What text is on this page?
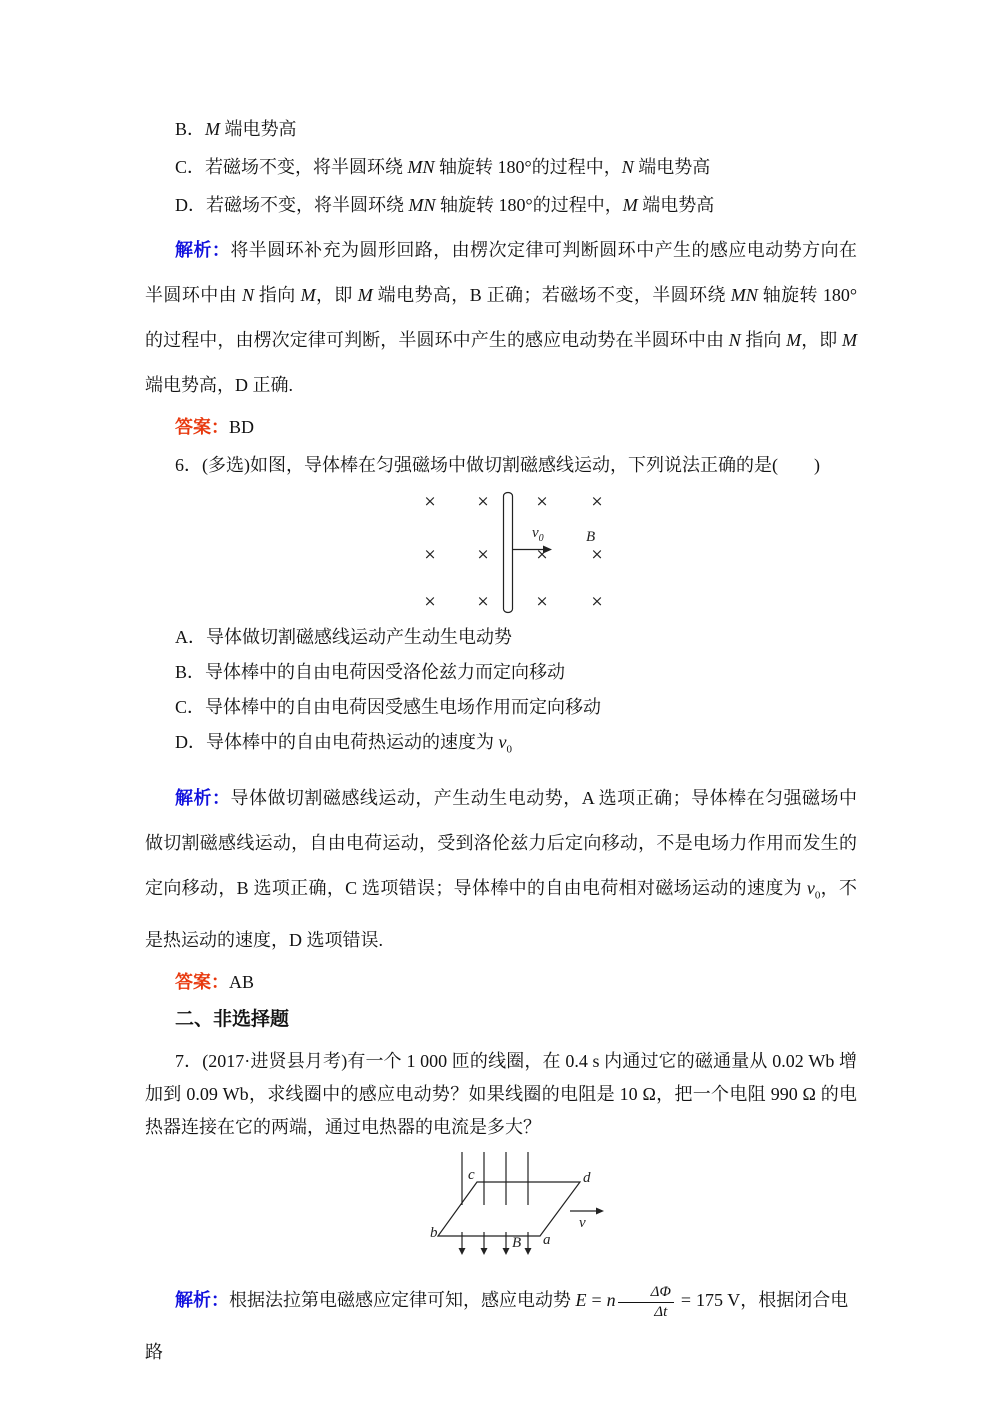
B．M 端电势高
C．若磁场不变，将半圆环绕 MN 轴旋转 180°的过程中，N 端电势高
D．若磁场不变，将半圆环绕 MN 轴旋转 180°的过程中，M 端电势高
解析：将半圆环补充为圆形回路，由楞次定律可判断圆环中产生的感应电动势方向在半圆环中由 N 指向 M，即 M 端电势高，B 正确；若磁场不变，半圆环绕 MN 轴旋转 180°的过程中，由楞次定律可判断，半圆环中产生的感应电动势在半圆环中由 N 指向 M，即 M 端电势高，D 正确.
答案：BD
6．(多选)如图，导体棒在匀强磁场中做切割磁感线运动，下列说法正确的是(　　)
×	×	×	×
×	×	×	×
×	×	×	×
$v_0$	B
A．导体做切割磁感线运动产生动生电动势
B．导体棒中的自由电荷因受洛伦兹力而定向移动
C．导体棒中的自由电荷因受感生电场作用而定向移动
D．导体棒中的自由电荷热运动的速度为 $v_0$
解析：导体做切割磁感线运动，产生动生电动势，A 选项正确；导体棒在匀强磁场中做切割磁感线运动，自由电荷运动，受到洛伦兹力后定向移动，不是电场力作用而发生的定向移动，B 选项正确，C 选项错误；导体棒中的自由电荷相对磁场运动的速度为 $v_0$，不是热运动的速度，D 选项错误.
答案：AB
二、非选择题
7．(2017·进贤县月考)有一个 1 000 匝的线圈，在 0.4 s 内通过它的磁通量从 0.02 Wb 增加到 0.09 Wb，求线圈中的感应电动势？如果线圈的电阻是 10 Ω，把一个电阻 990 Ω 的电热器连接在它的两端，通过电热器的电流是多大？
c	d
b	a
B
v
解析：根据法拉第电磁感应定律可知，感应电动势 E = n $\frac{\Delta\Phi}{\Delta t} = 175$ V，根据闭合电路
